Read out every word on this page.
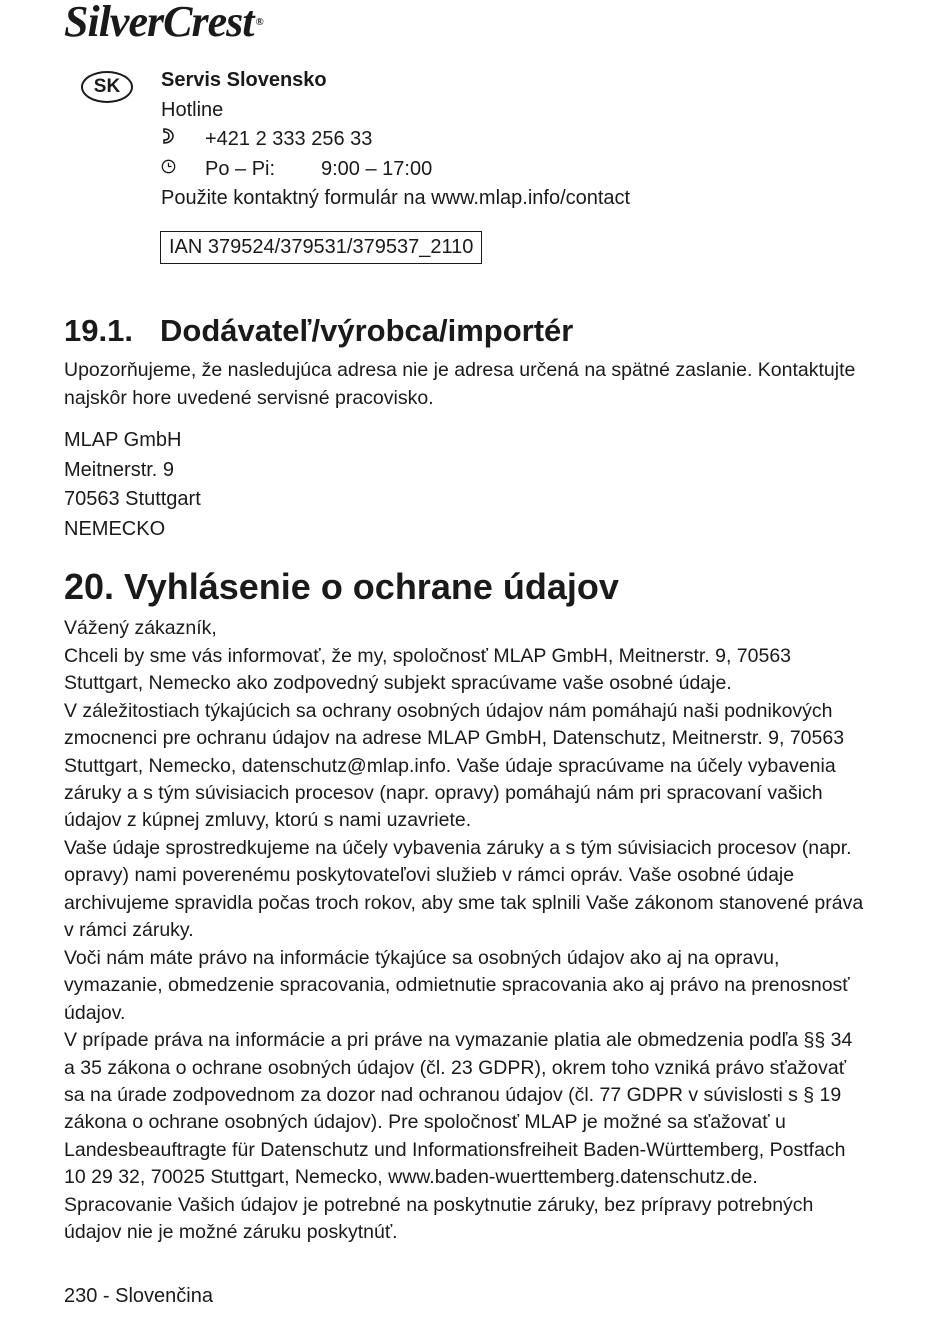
SilverCrest ®
SK	Servis Slovensko
Hotline
+421 2 333 256 33
Po – Pi:	9:00 – 17:00
Použite kontaktný formulár na www.mlap.info/contact
IAN 379524/379531/379537_2110
19.1. Dodávateľ/výrobca/importér
Upozorňujeme, že nasledujúca adresa nie je adresa určená na spätné zaslanie. Kontaktujte najskôr hore uvedené servisné pracovisko.
MLAP GmbH
Meitnerstr. 9
70563 Stuttgart
NEMECKO
20. Vyhlásenie o ochrane údajov

Vážený zákazník,

Chceli by sme vás informovať, že my, spoločnosť MLAP GmbH, Meitnerstr. 9, 70563 Stuttgart, Nemecko ako zodpovedný subjekt spracúvame vaše osobné údaje.

V záležitostiach týkajúcich sa ochrany osobných údajov nám pomáhajú naši podnikových zmocnenci pre ochranu údajov na adrese MLAP GmbH, Datenschutz, Meitnerstr. 9, 70563 Stuttgart, Nemecko, datenschutz@mlap.info. Vaše údaje spracúvame na účely vybavenia záruky a s tým súvisiacich procesov (napr. opravy) pomáhajú nám pri spracovaní vašich údajov z kúpnej zmluvy, ktorú s nami uzavriete.

Vaše údaje sprostredkujeme na účely vybavenia záruky a s tým súvisiacich procesov (napr. opravy) nami poverenému poskytovateľovi služieb v rámci opráv. Vaše osobné údaje archivujeme spravidla počas troch rokov, aby sme tak splnili Vaše zákonom stanovené práva v rámci záruky.

Voči nám máte právo na informácie týkajúce sa osobných údajov ako aj na opravu, vymazanie, obmedzenie spracovania, odmietnutie spracovania ako aj právo na prenosnosť údajov.

V prípade práva na informácie a pri práve na vymazanie platia ale obmedzenia podľa §§ 34 a 35 zákona o ochrane osobných údajov (čl. 23 GDPR), okrem toho vzniká právo sťažovať sa na úrade zodpovednom za dozor nad ochranou údajov (čl. 77 GDPR v súvislosti s § 19 zákona o ochrane osobných údajov). Pre spoločnosť MLAP je možné sa sťažovať u Landesbeauftragte für Datenschutz und Informationsfreiheit Baden-Württemberg, Postfach 10 29 32, 70025 Stuttgart, Nemecko, www.baden-wuerttemberg.datenschutz.de.

Spracovanie Vašich údajov je potrebné na poskytnutie záruky, bez prípravy potrebných údajov nie je možné záruku poskytnúť.

230 - Slovenčina
